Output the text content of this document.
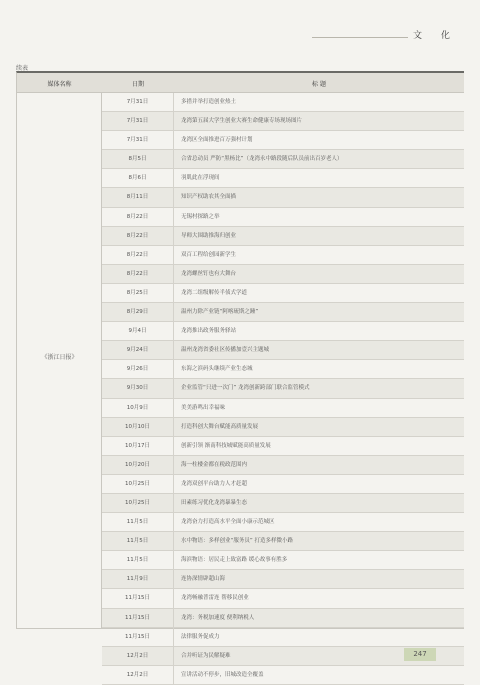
文 化
续表
媒体名称	日期	标 题
《浙江日报》
7月31日	多措并举打造创业热土
7月31日	龙湾第五届大学生创业大赛生命健康专场现场图片
7月31日	龙湾区全面推进百万强村计划
8月5日	合省总动员 严防“黑杨比”（龙湾永中路段随后队员前出百岁老人）
8月6日	羽肌此在浮现间
8月11日	知识产权助农其全面描
8月22日	无锡村探路之举
8月22日	导师大围助推海归创业
8月22日	双百工程给创园新学生
8月22日	龙湾螺丝钉也有大舞台
8月25日	龙湾二组级解传半侦式学道
8月29日	温州力除产业链“阿喀琉斯之踵”
9月4日	龙湾推出政务服务驿站
9月24日	温州龙湾省委社区传播加壹兴主题城
9月26日	东海之滨码头继续产业生态城
9月30日	企业监管“只进一次门” 龙湾创新跨部门联合监管模式
10月9日	美美游鸣出幸福味
10月10日	打造科创大舞台赋能高质量发展
10月17日	创新引领 渐南科技城赋能高质量发展
10月20日	海一柱楼金都在税政范围内
10月25日	龙湾双创平台助力人才赶超
10月25日	田素练习优化龙湾暴暴生态
11月5日	龙湾奋力打造高水平全面小康示范城区
11月5日	水中物语：多样创业“服务员” 打造多样微小路
11月5日	海滨物语：居民走上致富路 缓心故事有胜多
11月9日	连协深情辟超山海
11月15日	龙湾畅融普雷连 帮移民创业
11月15日	龙湾：务税加速度 便利纳税人
11月15日	法律服务促成力
12月2日	合并听证为民解疑难
12月2日	宣讲活动不停步，旧城改造全覆盖
247
